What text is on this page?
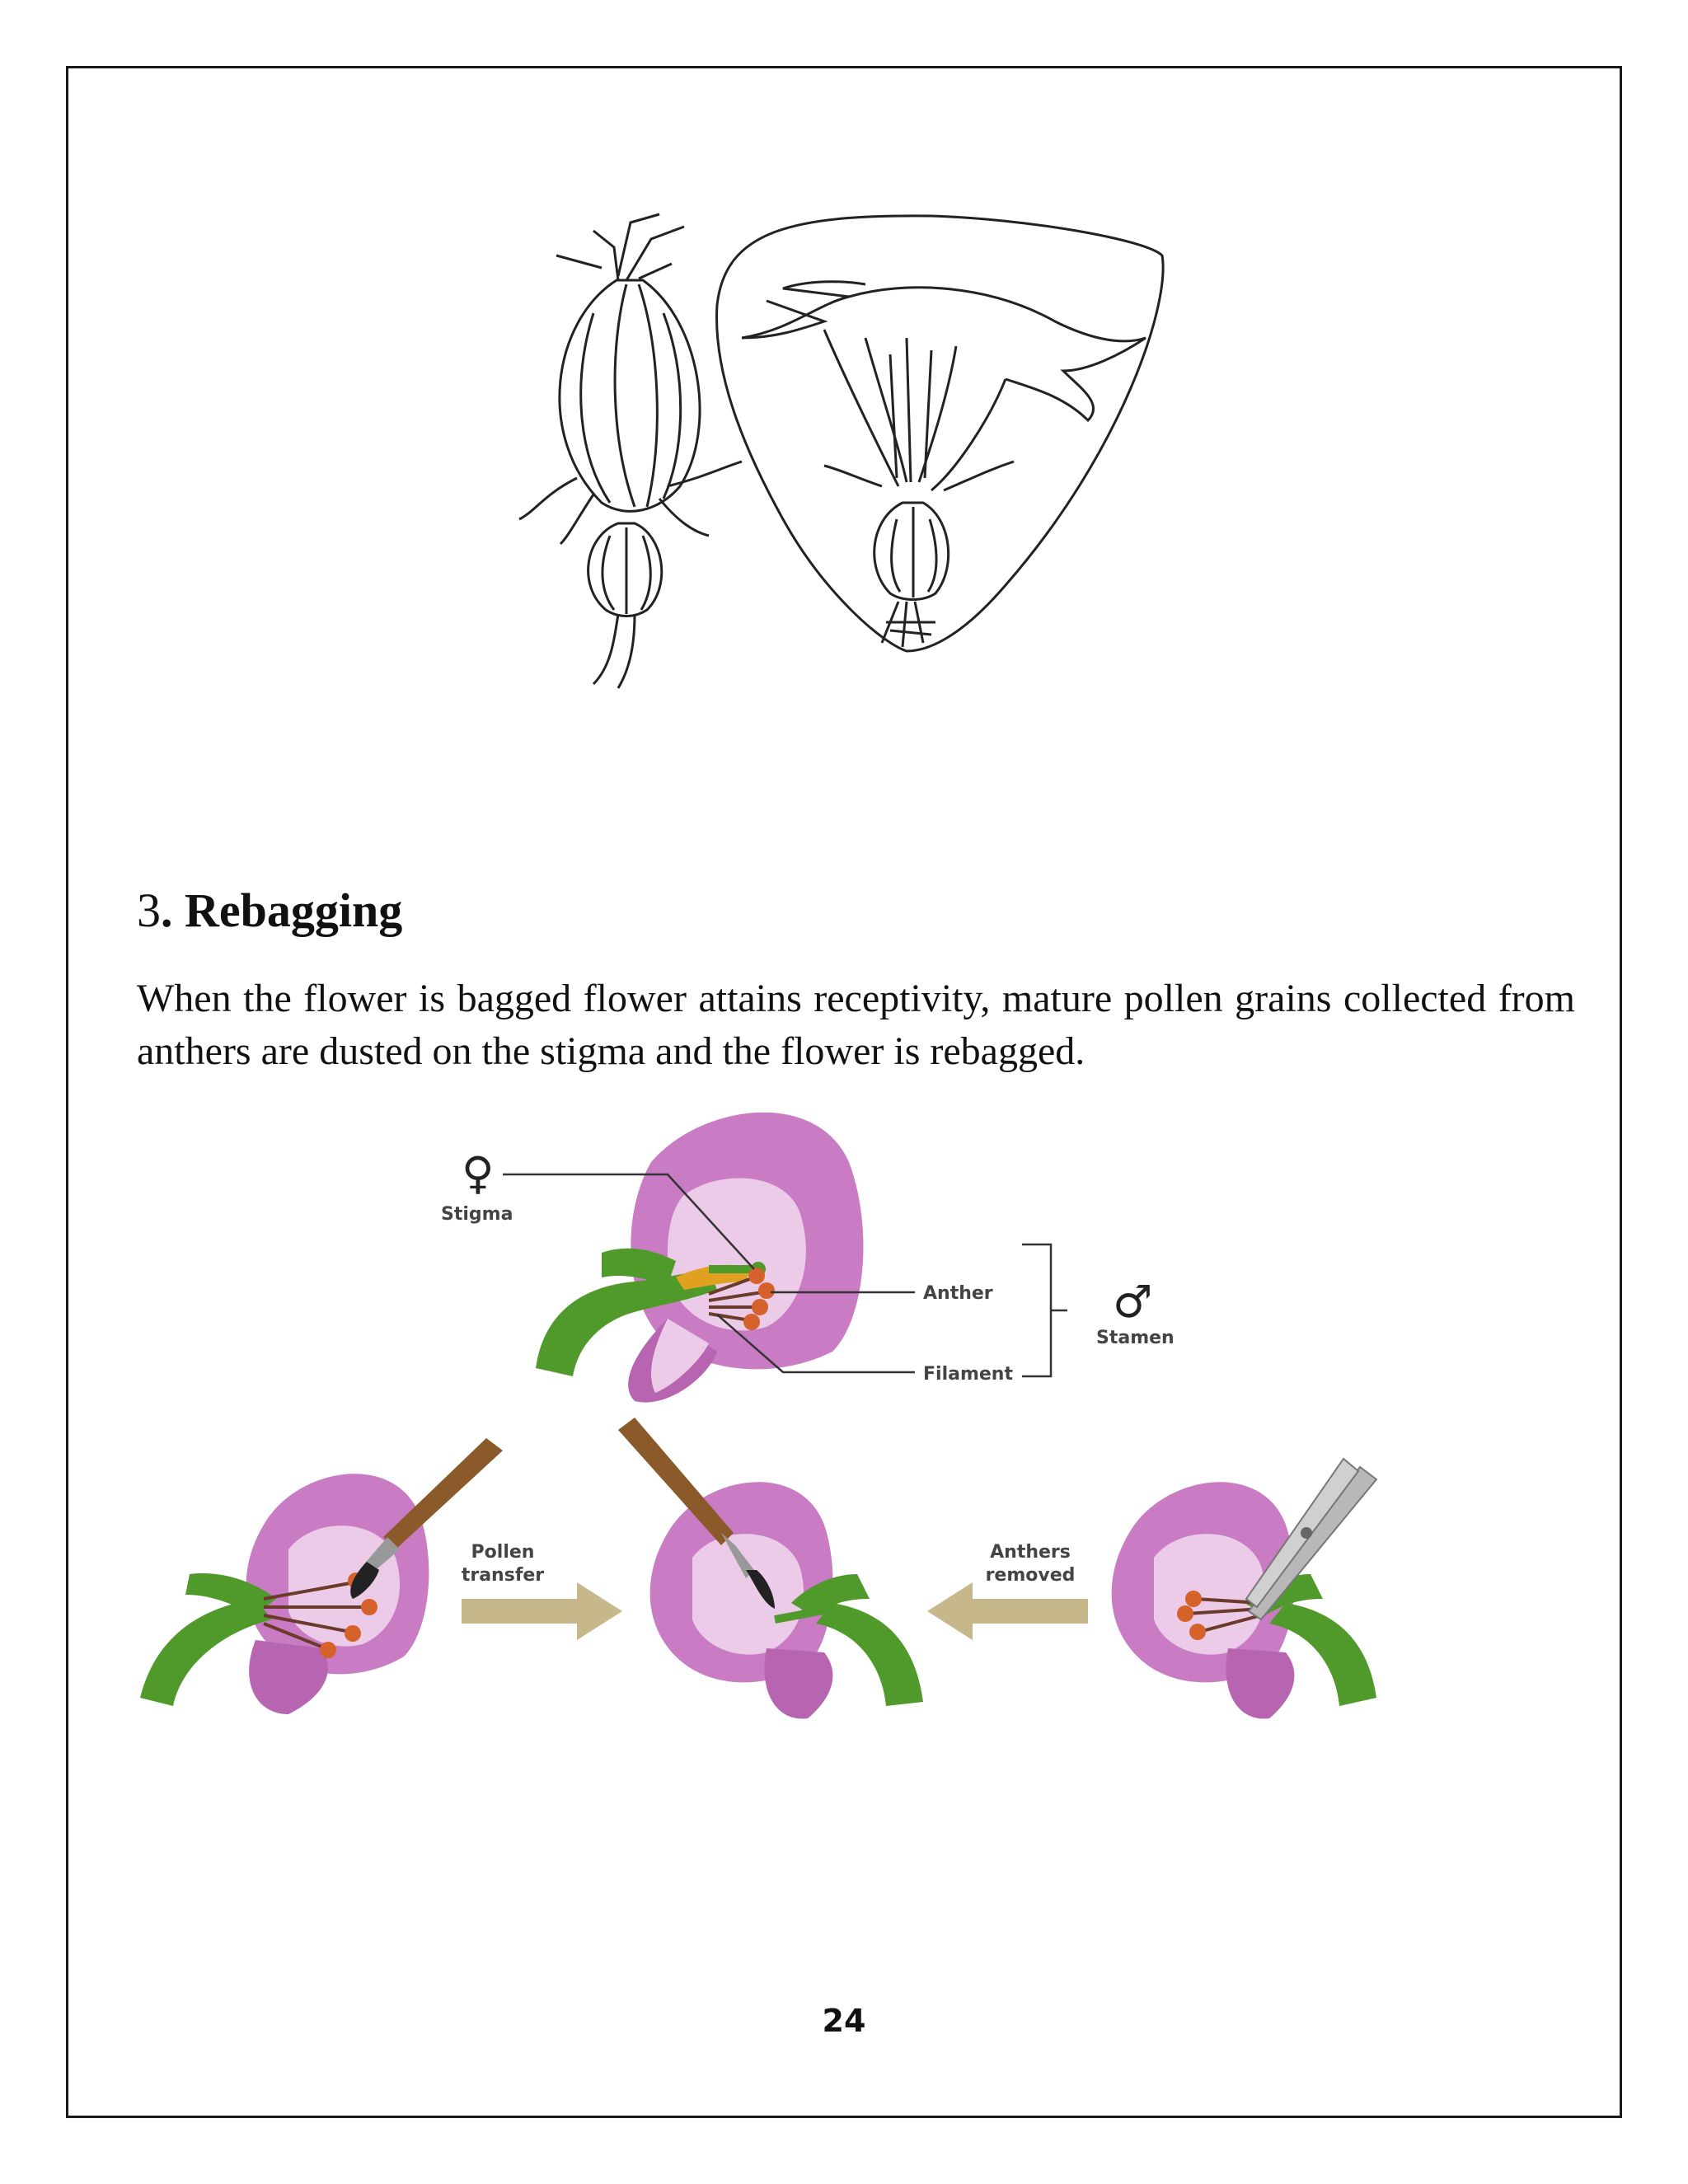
3. Rebagging

When the flower is bagged flower attains receptivity, mature pollen grains collected from anthers are dusted on the stigma and the flower is rebagged.

♀
Stigma
Anther
Filament
♂
Stamen
Pollen
transfer
Anthers
removed
24
